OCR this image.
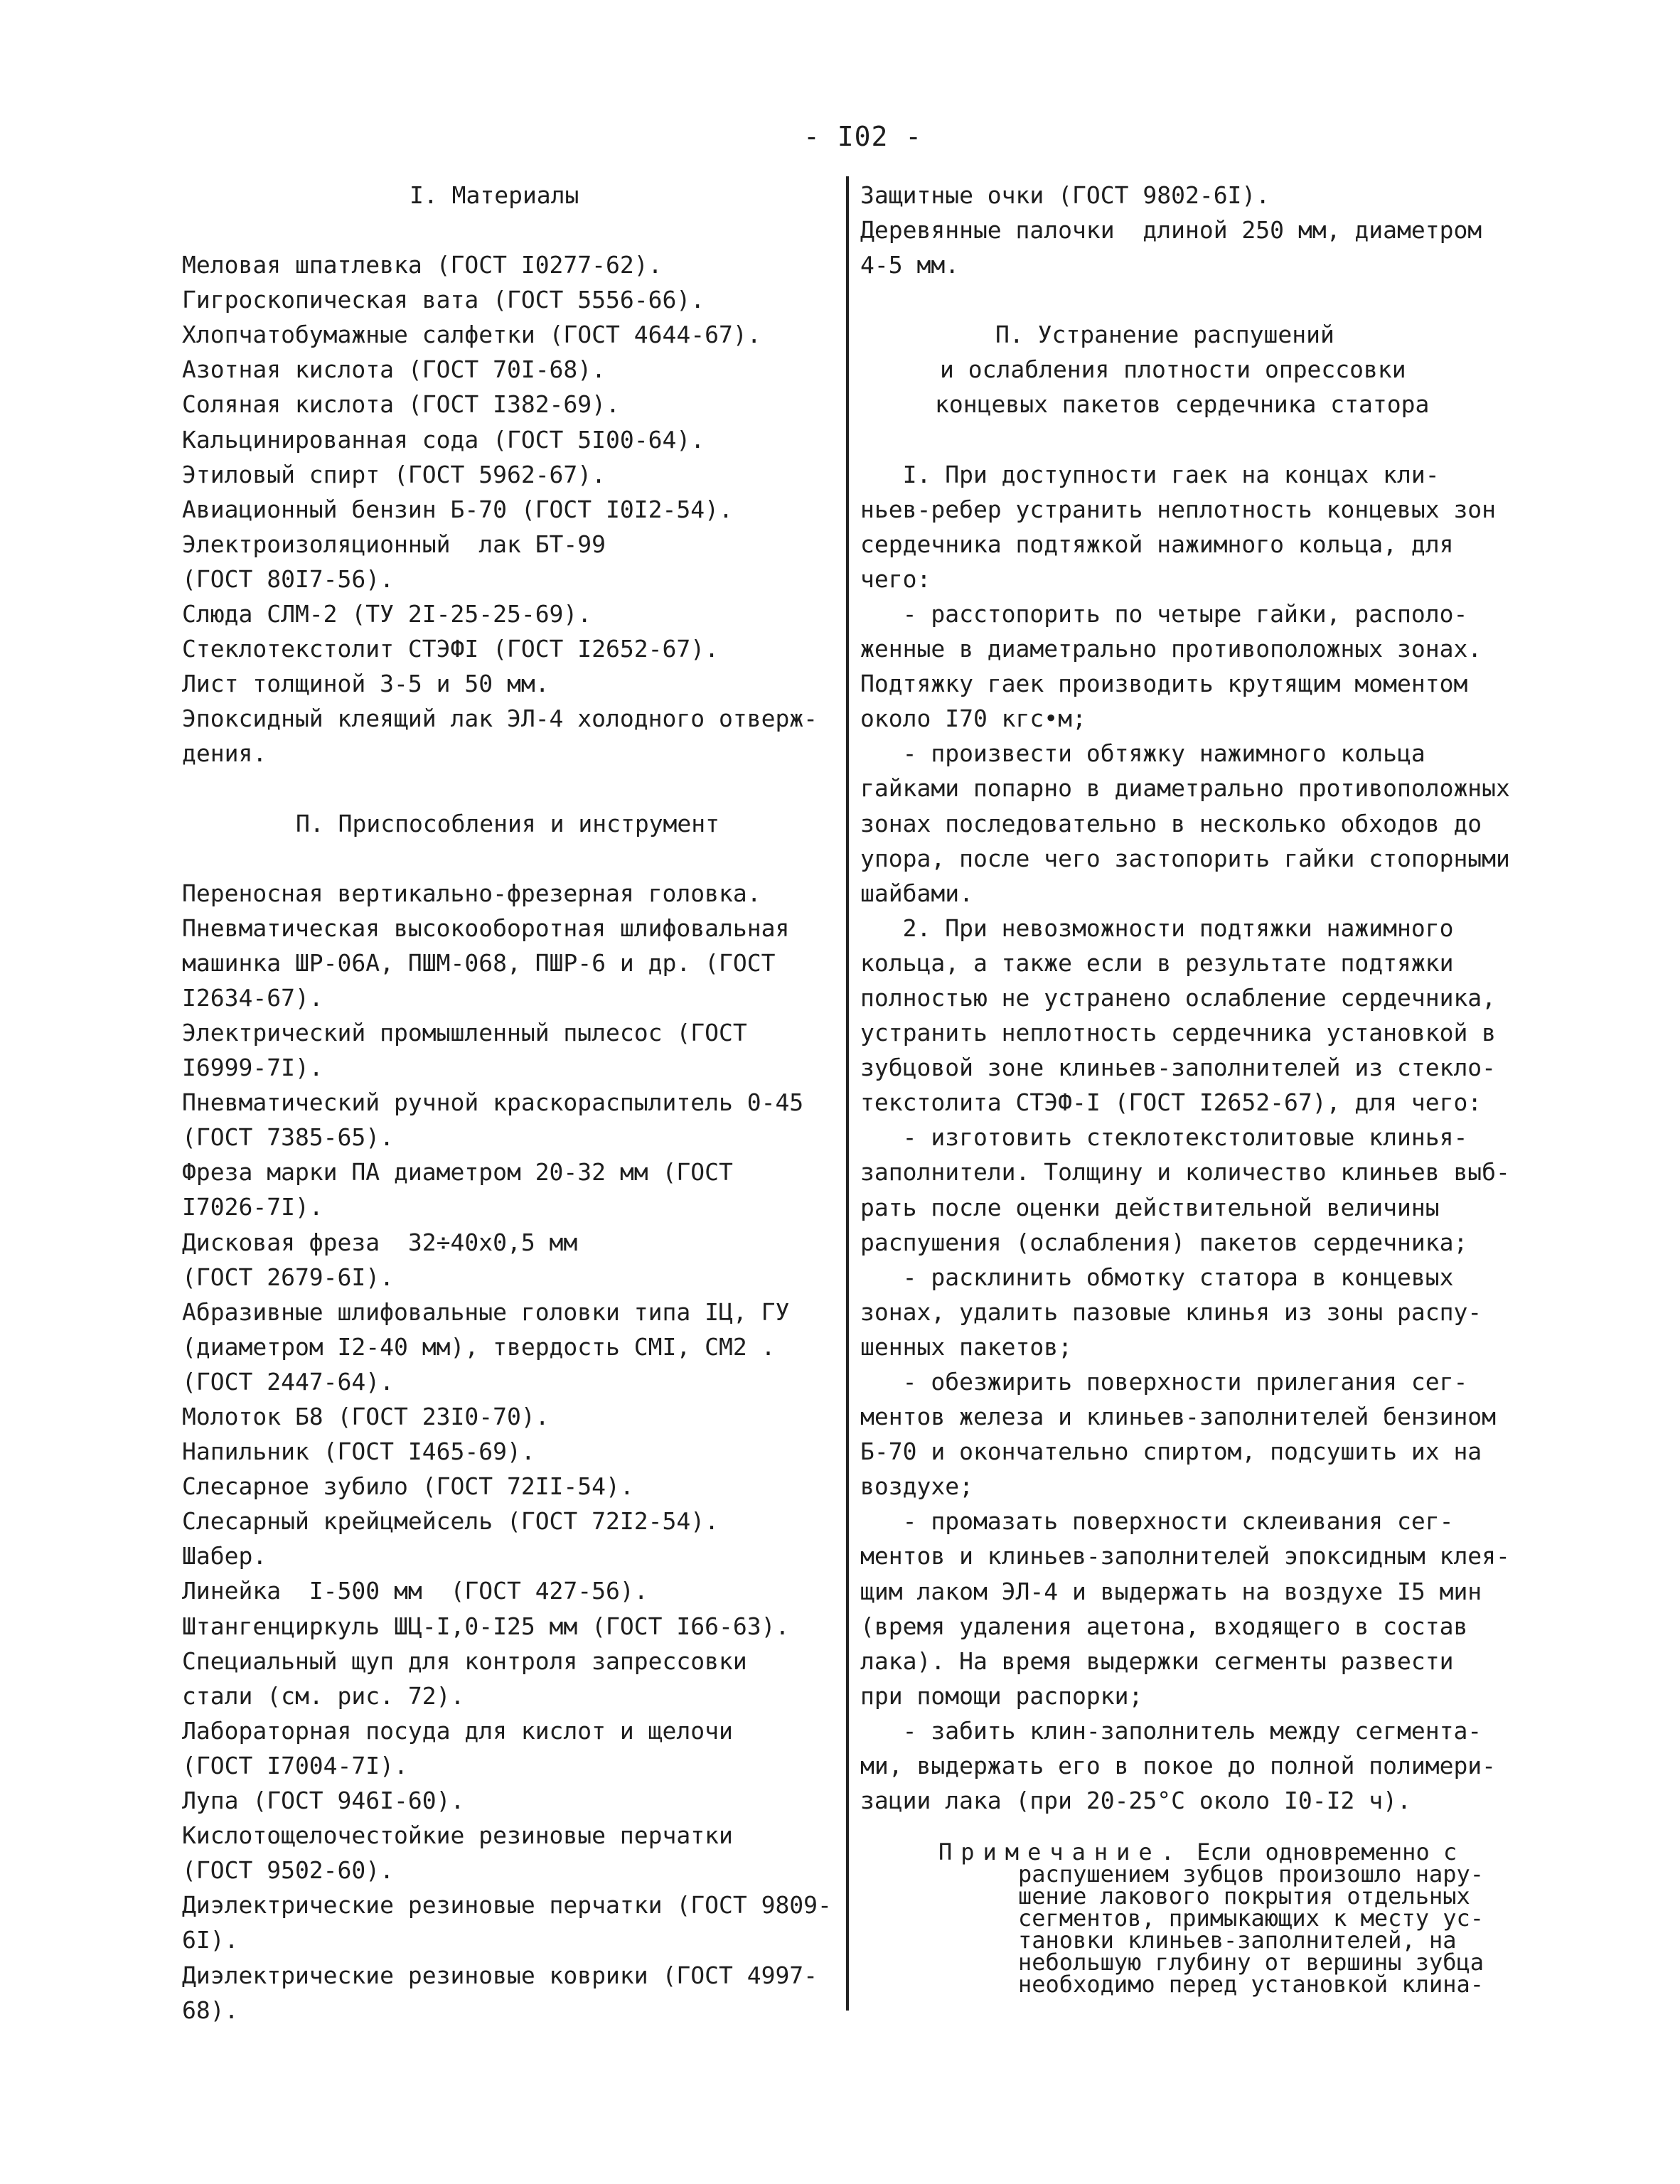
- I02 -
I. Материалы
Меловая шпатлевка (ГОСТ I0277-62).
Гигроскопическая вата (ГОСТ 5556-66).
Хлопчатобумажные салфетки (ГОСТ 4644-67).
Азотная кислота (ГОСТ 70I-68).
Соляная кислота (ГОСТ I382-69).
Кальцинированная сода (ГОСТ 5I00-64).
Этиловый спирт (ГОСТ 5962-67).
Авиационный бензин Б-70 (ГОСТ I0I2-54).
Электроизоляционный  лак БТ-99
(ГОСТ 80I7-56).
Слюда СЛМ-2 (ТУ 2I-25-25-69).
Стеклотекстолит СТЭФI (ГОСТ I2652-67).
Лист толщиной 3-5 и 50 мм.
Эпоксидный клеящий лак ЭЛ-4 холодного отверж-
дения.
П. Приспособления и инструмент
Переносная вертикально-фрезерная головка.
Пневматическая высокооборотная шлифовальная
машинка ШР-06А, ПШМ-068, ПШР-6 и др. (ГОСТ
I2634-67).
Электрический промышленный пылесос (ГОСТ
I6999-7I).
Пневматический ручной краскораспылитель 0-45
(ГОСТ 7385-65).
Фреза марки ПА диаметром 20-32 мм (ГОСТ
I7026-7I).
Дисковая фреза  32÷40х0,5 мм
(ГОСТ 2679-6I).
Абразивные шлифовальные головки типа IЦ, ГУ
(диаметром I2-40 мм), твердость СМI, СМ2 .
(ГОСТ 2447-64).
Молоток Б8 (ГОСТ 23I0-70).
Напильник (ГОСТ I465-69).
Слесарное зубило (ГОСТ 72II-54).
Слесарный крейцмейсель (ГОСТ 72I2-54).
Шабер.
Линейка  I-500 мм  (ГОСТ 427-56).
Штангенциркуль ШЦ-I,0-I25 мм (ГОСТ I66-63).
Специальный щуп для контроля запрессовки
стали (см. рис. 72).
Лабораторная посуда для кислот и щелочи
(ГОСТ I7004-7I).
Лупа (ГОСТ 946I-60).
Кислотощелочестойкие резиновые перчатки
(ГОСТ 9502-60).
Диэлектрические резиновые перчатки (ГОСТ 9809-
6I).
Диэлектрические резиновые коврики (ГОСТ 4997-
68).
Защитные очки (ГОСТ 9802-6I).
Деревянные палочки  длиной 250 мм, диаметром
4-5 мм.
П. Устранение распушений
и ослабления плотности опрессовки
концевых пакетов сердечника статора
I. При доступности гаек на концах кли-
ньев-ребер устранить неплотность концевых зон
сердечника подтяжкой нажимного кольца, для
чего:
- расстопорить по четыре гайки, располо-
женные в диаметрально противоположных зонах.
Подтяжку гаек производить крутящим моментом
около I70 кгс•м;
- произвести обтяжку нажимного кольца
гайками попарно в диаметрально противоположных
зонах последовательно в несколько обходов до
упора, после чего застопорить гайки стопорными
шайбами.
2. При невозможности подтяжки нажимного
кольца, а также если в результате подтяжки
полностью не устранено ослабление сердечника,
устранить неплотность сердечника установкой в
зубцовой зоне клиньев-заполнителей из стекло-
текстолита СТЭФ-I (ГОСТ I2652-67), для чего:
- изготовить стеклотекстолитовые клинья-
заполнители. Толщину и количество клиньев выб-
рать после оценки действительной величины
распушения (ослабления) пакетов сердечника;
- расклинить обмотку статора в концевых
зонах, удалить пазовые клинья из зоны распу-
шенных пакетов;
- обезжирить поверхности прилегания сег-
ментов железа и клиньев-заполнителей бензином
Б-70 и окончательно спиртом, подсушить их на
воздухе;
- промазать поверхности склеивания сег-
ментов и клиньев-заполнителей эпоксидным клея-
щим лаком ЭЛ-4 и выдержать на воздухе I5 мин
(время удаления ацетона, входящего в состав
лака). На время выдержки сегменты развести
при помощи распорки;
- забить клин-заполнитель между сегмента-
ми, выдержать его в покое до полной полимери-
зации лака (при 20-25°C около I0-I2 ч).
Примечание. Если одновременно с
распушением зубцов произошло нару-
шение лакового покрытия отдельных
сегментов, примыкающих к месту ус-
тановки клиньев-заполнителей, на
небольшую глубину от вершины зубца
необходимо перед установкой клина-
